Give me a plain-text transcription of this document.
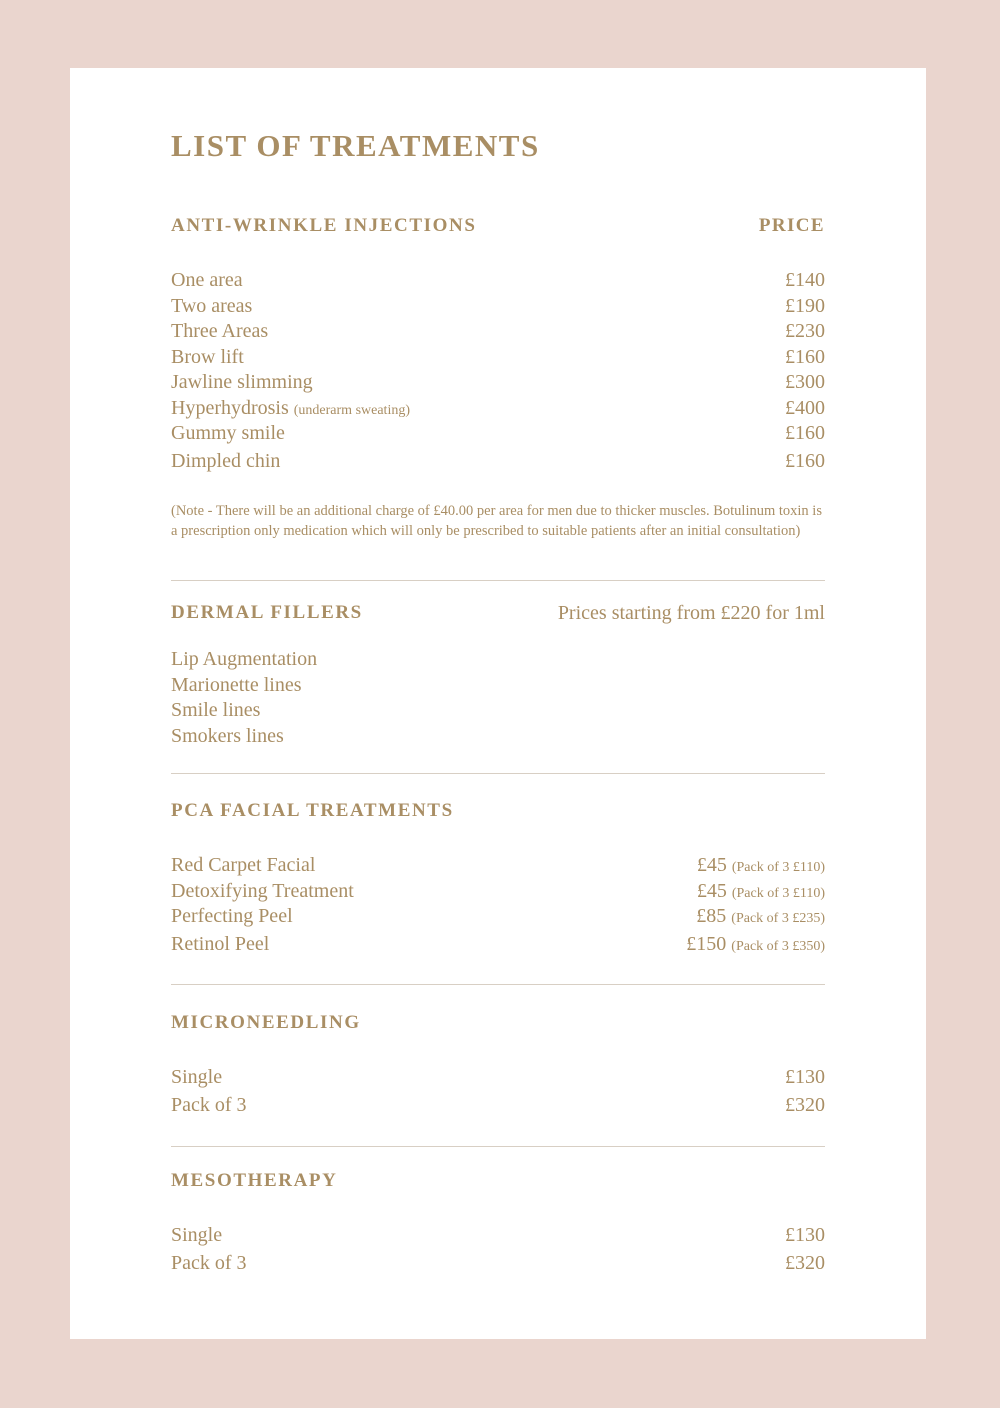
LIST OF TREATMENTS
ANTI-WRINKLE INJECTIONS	PRICE
One area	£140
Two areas	£190
Three Areas	£230
Brow lift	£160
Jawline slimming	£300
Hyperhydrosis (underarm sweating)	£400
Gummy smile	£160
Dimpled chin	£160
(Note - There will be an additional charge of £40.00 per area for men due to thicker muscles. Botulinum toxin is a prescription only medication which will only be prescribed to suitable patients after an initial consultation)
DERMAL FILLERS	Prices starting from £220 for 1ml
Lip Augmentation
Marionette lines
Smile lines
Smokers lines
PCA FACIAL TREATMENTS
Red Carpet Facial	£45 (Pack of 3 £110)
Detoxifying Treatment	£45 (Pack of 3 £110)
Perfecting Peel	£85 (Pack of 3 £235)
Retinol Peel	£150 (Pack of 3 £350)
MICRONEEDLING
Single	£130
Pack of 3	£320
MESOTHERAPY
Single	£130
Pack of 3	£320
